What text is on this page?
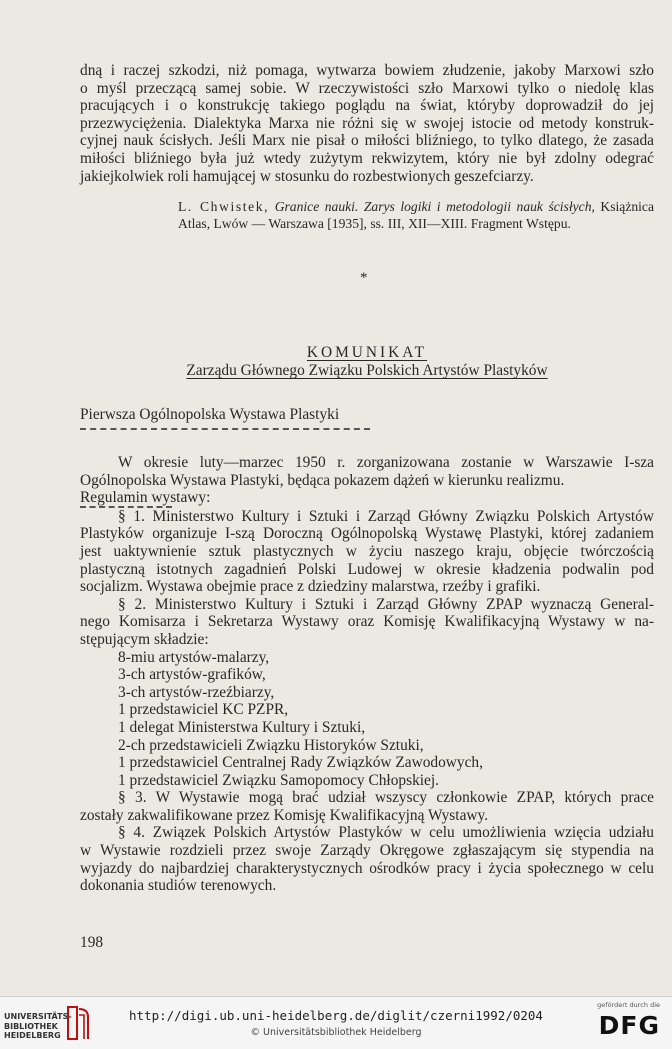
dną i raczej szkodzi, niż pomaga, wytwarza bowiem złudzenie, jakoby Marxowi szło
o myśl przeczącą samej sobie. W rzeczywistości szło Marxowi tylko o niedolę klas
pracujących i o konstrukcję takiego poglądu na świat, któryby doprowadził do jej
przezwyciężenia. Dialektyka Marxa nie różni się w swojej istocie od metody konstruk-
cyjnej nauk ścisłych. Jeśli Marx nie pisał o miłości bliźniego, to tylko dlatego, że zasada
miłości bliźniego była już wtedy zużytym rekwizytem, który nie był zdolny odegrać
jakiejkolwiek roli hamującej w stosunku do rozbestwionych geszefciarzy.
L. Chwistek, Granice nauki. Zarys logiki i metodologii nauk ścisłych, Książnica
Atlas, Lwów — Warszawa [1935], ss. III, XII—XIII. Fragment Wstępu.
*
KOMUNIKAT
Zarządu Głównego Związku Polskich Artystów Plastyków
Pierwsza Ogólnopolska Wystawa Plastyki
W okresie luty—marzec 1950 r. zorganizowana zostanie w Warszawie I-sza
Ogólnopolska Wystawa Plastyki, będąca pokazem dążeń w kierunku realizmu.
Regulamin wystawy:
§ 1. Ministerstwo Kultury i Sztuki i Zarząd Główny Związku Polskich Artystów
Plastyków organizuje I-szą Doroczną Ogólnopolską Wystawę Plastyki, której zadaniem
jest uaktywnienie sztuk plastycznych w życiu naszego kraju, objęcie twórczością
plastyczną istotnych zagadnień Polski Ludowej w okresie kładzenia podwalin pod
socjalizm. Wystawa obejmie prace z dziedziny malarstwa, rzeźby i grafiki.
§ 2. Ministerstwo Kultury i Sztuki i Zarząd Główny ZPAP wyznaczą General-
nego Komisarza i Sekretarza Wystawy oraz Komisję Kwalifikacyjną Wystawy w na-
stępującym składzie:
8-miu artystów-malarzy,
3-ch artystów-grafików,
3-ch artystów-rzeźbiarzy,
1 przedstawiciel KC PZPR,
1 delegat Ministerstwa Kultury i Sztuki,
2-ch przedstawicieli Związku Historyków Sztuki,
1 przedstawiciel Centralnej Rady Związków Zawodowych,
1 przedstawiciel Związku Samopomocy Chłopskiej.
§ 3. W Wystawie mogą brać udział wszyscy członkowie ZPAP, których prace
zostały zakwalifikowane przez Komisję Kwalifikacyjną Wystawy.
§ 4. Związek Polskich Artystów Plastyków w celu umożliwienia wzięcia udziału
w Wystawie rozdzieli przez swoje Zarządy Okręgowe zgłaszającym się stypendia na
wyjazdy do najbardziej charakterystycznych ośrodków pracy i życia społecznego w celu
dokonania studiów terenowych.
198
UNIVERSITÄTS-
BIBLIOTHEK
HEIDELBERG
http://digi.ub.uni-heidelberg.de/diglit/czerni1992/0204
© Universitätsbibliothek Heidelberg
gefördert durch die
DFG
